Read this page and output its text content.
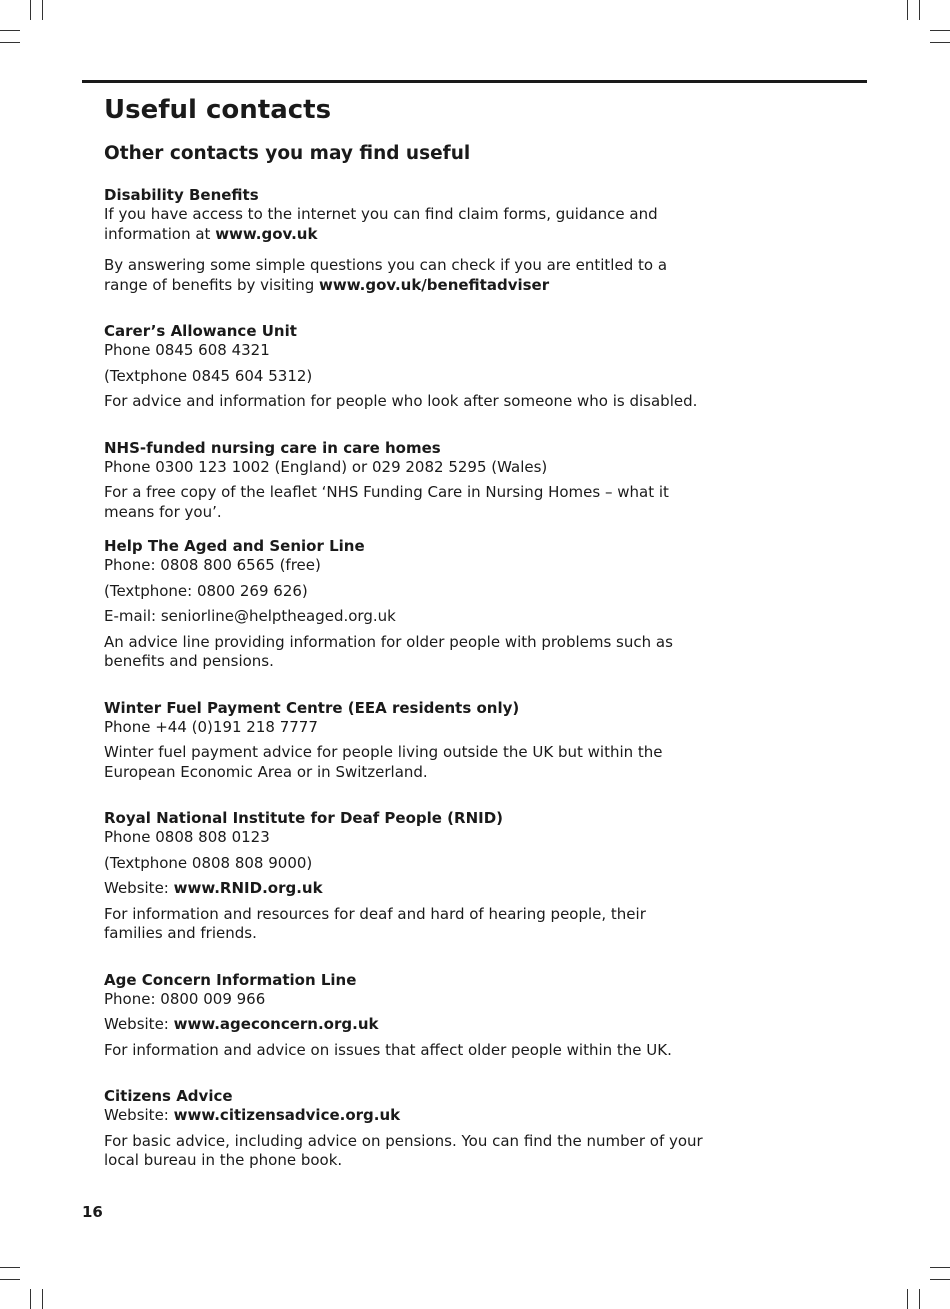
Useful contacts
Other contacts you may find useful
Disability Benefits

If you have access to the internet you can find claim forms, guidance and information at www.gov.uk

By answering some simple questions you can check if you are entitled to a range of benefits by visiting www.gov.uk/benefitadviser

Carer’s Allowance Unit

Phone 0845 608 4321

(Textphone 0845 604 5312)

For advice and information for people who look after someone who is disabled.

NHS-funded nursing care in care homes

Phone 0300 123 1002 (England) or 029 2082 5295 (Wales)

For a free copy of the leaflet ‘NHS Funding Care in Nursing Homes – what it means for you’.

Help The Aged and Senior Line

Phone: 0808 800 6565 (free)

(Textphone: 0800 269 626)

E-mail: seniorline@helptheaged.org.uk

An advice line providing information for older people with problems such as benefits and pensions.

Winter Fuel Payment Centre (EEA residents only)

Phone +44 (0)191 218 7777

Winter fuel payment advice for people living outside the UK but within the European Economic Area or in Switzerland.

Royal National Institute for Deaf People (RNID)

Phone 0808 808 0123

(Textphone 0808 808 9000)

Website: www.RNID.org.uk

For information and resources for deaf and hard of hearing people, their families and friends.

Age Concern Information Line

Phone: 0800 009 966

Website: www.ageconcern.org.uk

For information and advice on issues that affect older people within the UK.

Citizens Advice

Website: www.citizensadvice.org.uk

For basic advice, including advice on pensions. You can find the number of your local bureau in the phone book.

16
